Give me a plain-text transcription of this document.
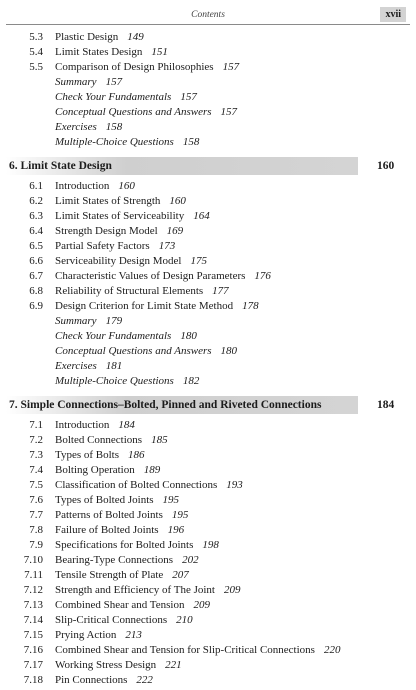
Contents	xvii
5.3 Plastic Design 149
5.4 Limit States Design 151
5.5 Comparison of Design Philosophies 157
Summary 157
Check Your Fundamentals 157
Conceptual Questions and Answers 157
Exercises 158
Multiple-Choice Questions 158
6. Limit State Design	160
6.1 Introduction 160
6.2 Limit States of Strength 160
6.3 Limit States of Serviceability 164
6.4 Strength Design Model 169
6.5 Partial Safety Factors 173
6.6 Serviceability Design Model 175
6.7 Characteristic Values of Design Parameters 176
6.8 Reliability of Structural Elements 177
6.9 Design Criterion for Limit State Method 178
Summary 179
Check Your Fundamentals 180
Conceptual Questions and Answers 180
Exercises 181
Multiple-Choice Questions 182
7. Simple Connections–Bolted, Pinned and Riveted Connections	184
7.1 Introduction 184
7.2 Bolted Connections 185
7.3 Types of Bolts 186
7.4 Bolting Operation 189
7.5 Classification of Bolted Connections 193
7.6 Types of Bolted Joints 195
7.7 Patterns of Bolted Joints 195
7.8 Failure of Bolted Joints 196
7.9 Specifications for Bolted Joints 198
7.10 Bearing-Type Connections 202
7.11 Tensile Strength of Plate 207
7.12 Strength and Efficiency of The Joint 209
7.13 Combined Shear and Tension 209
7.14 Slip-Critical Connections 210
7.15 Prying Action 213
7.16 Combined Shear and Tension for Slip-Critical Connections 220
7.17 Working Stress Design 221
7.18 Pin Connections 222
